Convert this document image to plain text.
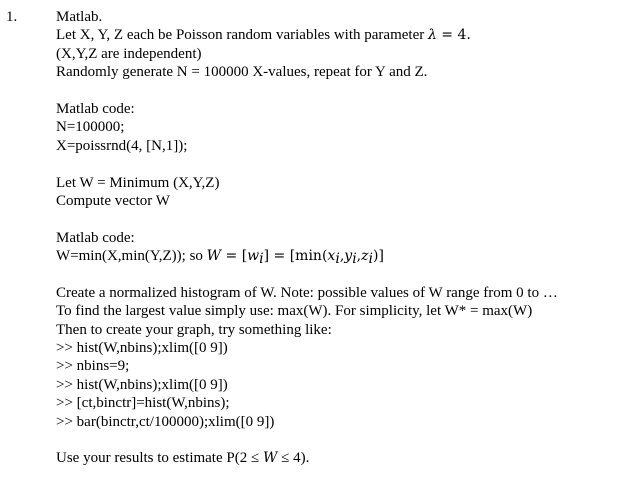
1.	Matlab.
Let X, Y, Z each be Poisson random variables with parameter λ = 4.
(X,Y,Z are independent)
Randomly generate N = 100000 X-values, repeat for Y and Z.
Matlab code:
N=100000;
X=poissrnd(4, [N,1]);
Let W = Minimum (X,Y,Z)
Compute vector W
Matlab code:
W=min(X,min(Y,Z)); so $W = [w_i] = [\min(x_i,y_i,z_i)]$
Create a normalized histogram of W. Note: possible values of W range from 0 to …
To find the largest value simply use: max(W). For simplicity, let W* = max(W)
Then to create your graph, try something like:
>> hist(W,nbins);xlim([0 9])
>> nbins=9;
>> hist(W,nbins);xlim([0 9])
>> [ct,binctr]=hist(W,nbins);
>> bar(binctr,ct/100000);xlim([0 9])
Use your results to estimate P(2 ≤ W ≤ 4).
